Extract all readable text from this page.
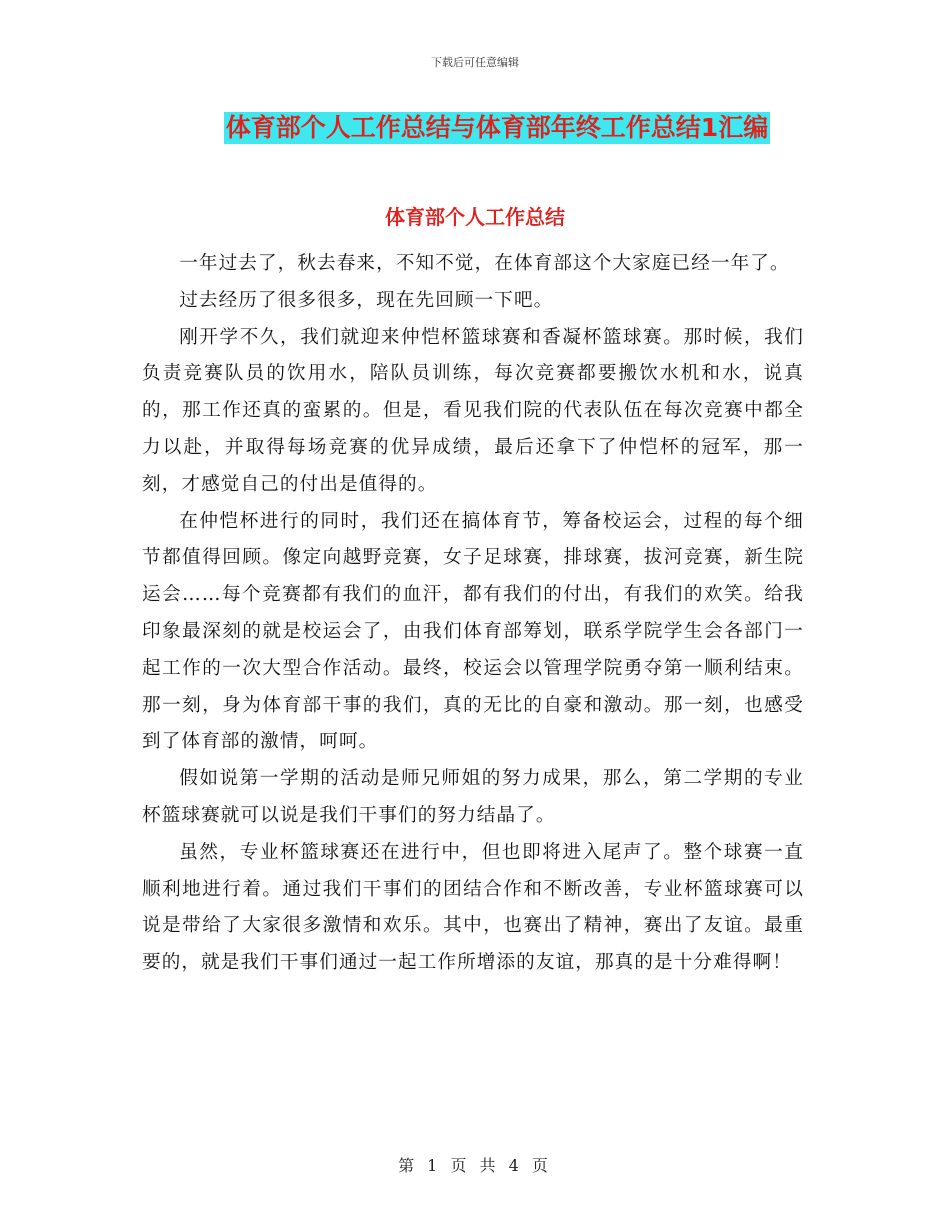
下载后可任意编辑
体育部个人工作总结与体育部年终工作总结1汇编
体育部个人工作总结

一年过去了，秋去春来，不知不觉，在体育部这个大家庭已经一年了。

过去经历了很多很多，现在先回顾一下吧。

刚开学不久，我们就迎来仲恺杯篮球赛和香凝杯篮球赛。那时候，我们负责竞赛队员的饮用水，陪队员训练，每次竞赛都要搬饮水机和水，说真的，那工作还真的蛮累的。但是，看见我们院的代表队伍在每次竞赛中都全力以赴，并取得每场竞赛的优异成绩，最后还拿下了仲恺杯的冠军，那一刻，才感觉自己的付出是值得的。

在仲恺杯进行的同时，我们还在搞体育节，筹备校运会，过程的每个细节都值得回顾。像定向越野竞赛，女子足球赛，排球赛，拔河竞赛，新生院运会……每个竞赛都有我们的血汗，都有我们的付出，有我们的欢笑。给我印象最深刻的就是校运会了，由我们体育部筹划，联系学院学生会各部门一起工作的一次大型合作活动。最终，校运会以管理学院勇夺第一顺利结束。那一刻，身为体育部干事的我们，真的无比的自豪和激动。那一刻，也感受到了体育部的激情，呵呵。

假如说第一学期的活动是师兄师姐的努力成果，那么，第二学期的专业杯篮球赛就可以说是我们干事们的努力结晶了。

虽然，专业杯篮球赛还在进行中，但也即将进入尾声了。整个球赛一直顺利地进行着。通过我们干事们的团结合作和不断改善，专业杯篮球赛可以说是带给了大家很多激情和欢乐。其中，也赛出了精神，赛出了友谊。最重要的，就是我们干事们通过一起工作所增添的友谊，那真的是十分难得啊！

第 1 页 共 4 页
